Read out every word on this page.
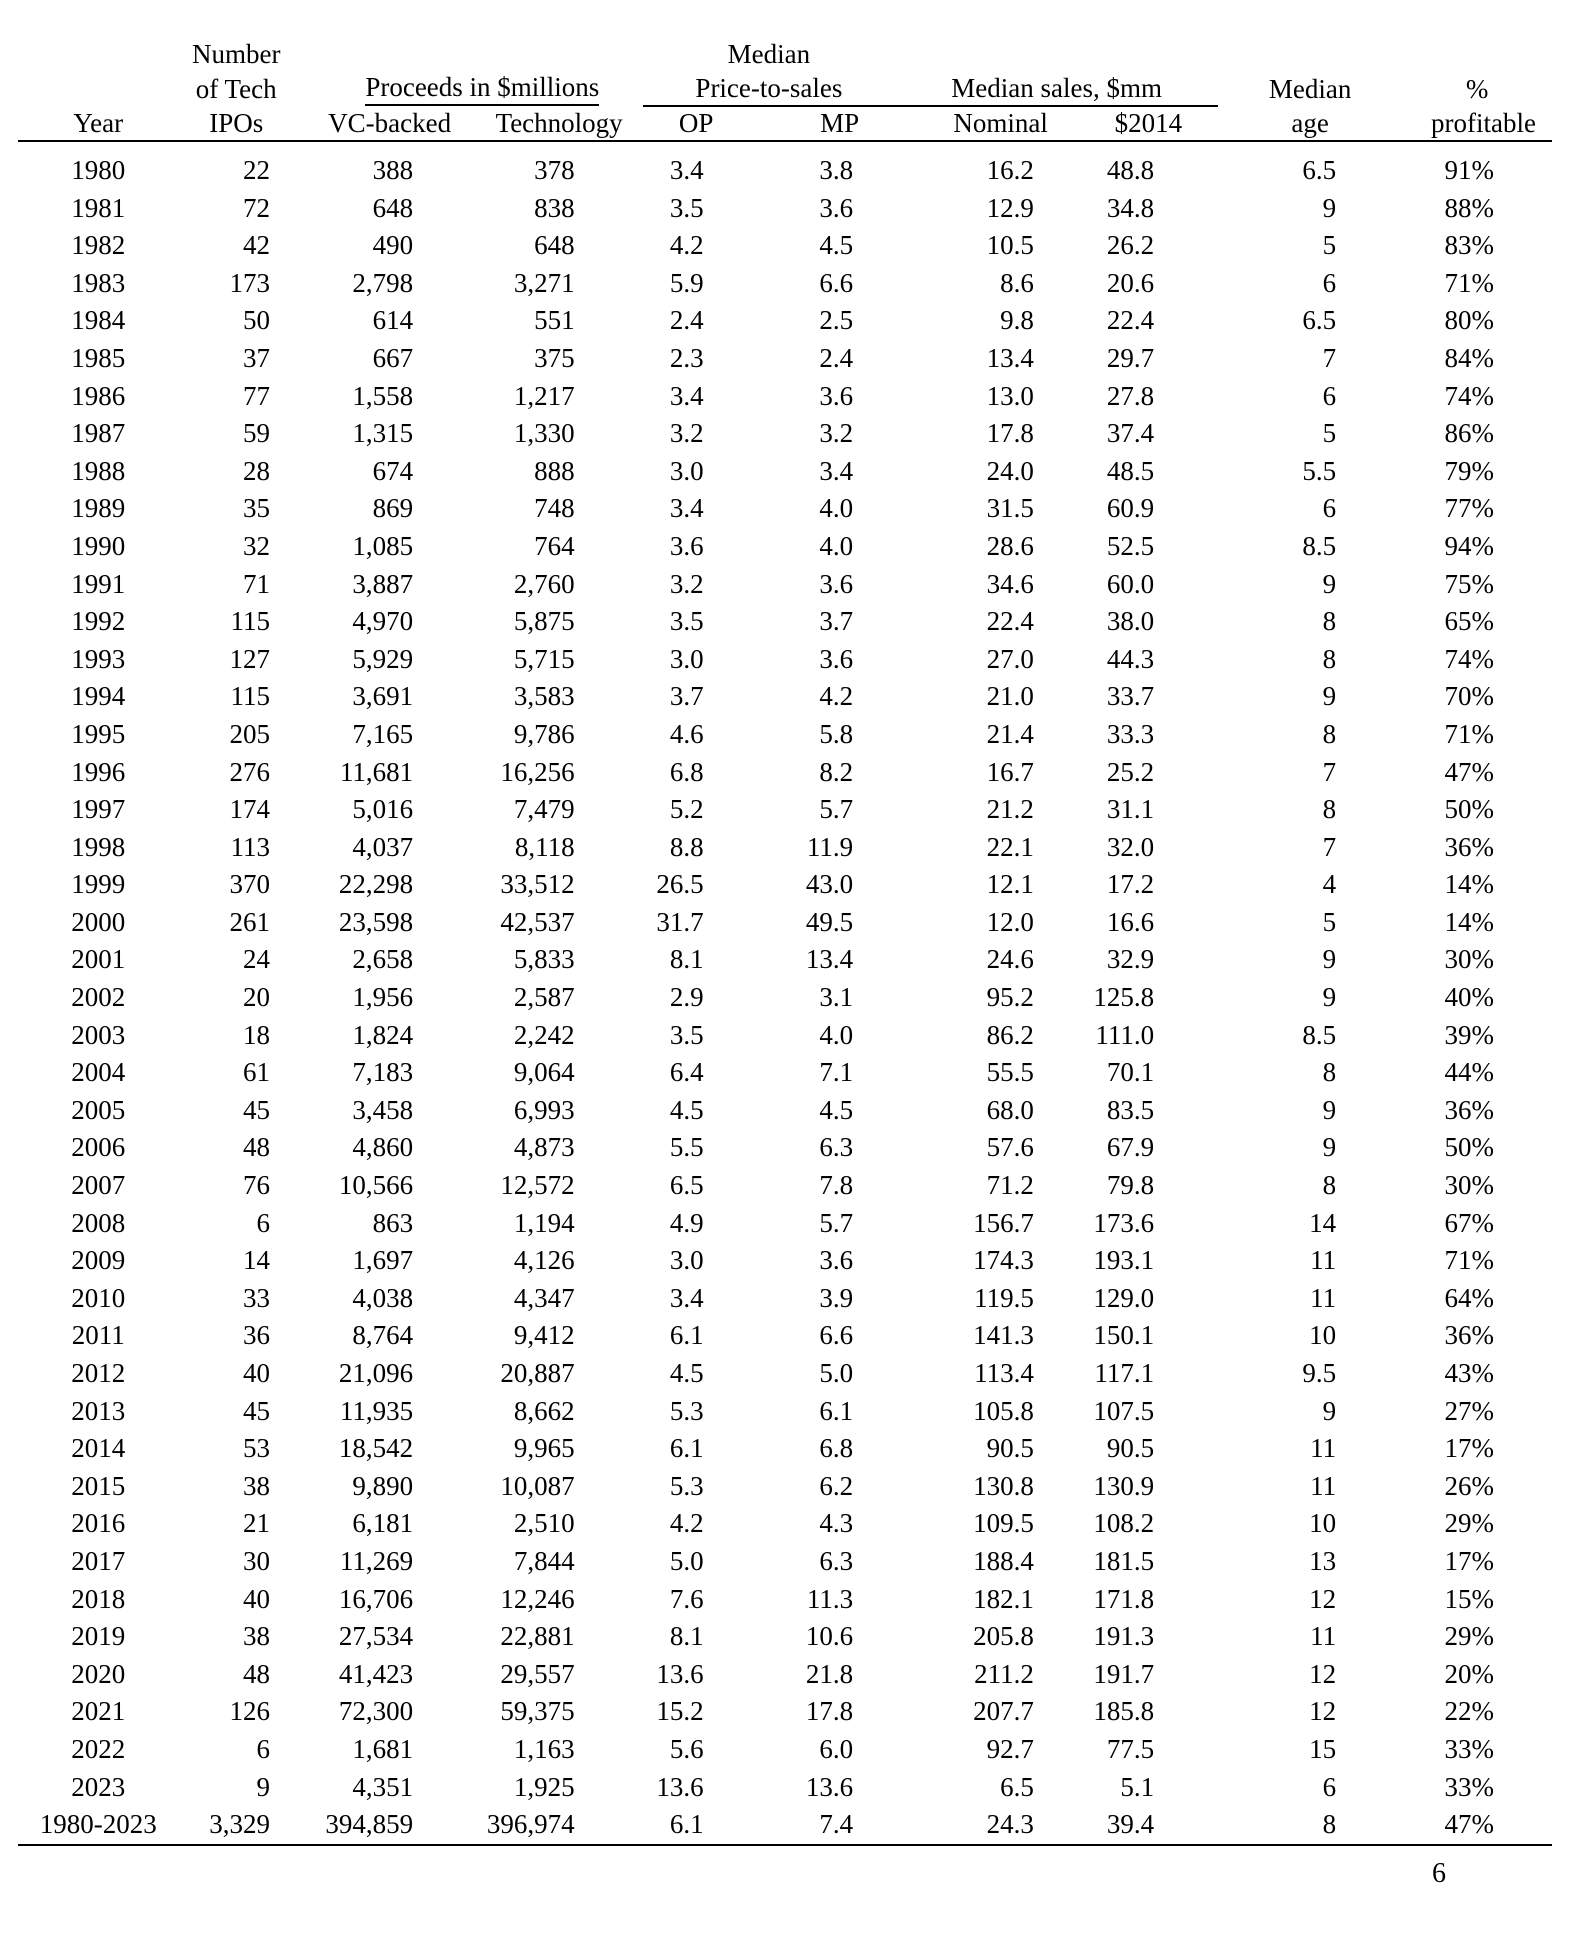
	Number			Median					
	of Tech	Proceeds in $millions		Price-to-sales		Median sales, $mm		Median	%
Year	IPOs	VC-backed	Technology	OP	MP	Nominal	$2014	age	profitable

1980	22	388	378	3.4	3.8	16.2	48.8	6.5	91%
1981	72	648	838	3.5	3.6	12.9	34.8	9	88%
1982	42	490	648	4.2	4.5	10.5	26.2	5	83%
1983	173	2,798	3,271	5.9	6.6	8.6	20.6	6	71%
1984	50	614	551	2.4	2.5	9.8	22.4	6.5	80%
1985	37	667	375	2.3	2.4	13.4	29.7	7	84%
1986	77	1,558	1,217	3.4	3.6	13.0	27.8	6	74%
1987	59	1,315	1,330	3.2	3.2	17.8	37.4	5	86%
1988	28	674	888	3.0	3.4	24.0	48.5	5.5	79%
1989	35	869	748	3.4	4.0	31.5	60.9	6	77%
1990	32	1,085	764	3.6	4.0	28.6	52.5	8.5	94%
1991	71	3,887	2,760	3.2	3.6	34.6	60.0	9	75%
1992	115	4,970	5,875	3.5	3.7	22.4	38.0	8	65%
1993	127	5,929	5,715	3.0	3.6	27.0	44.3	8	74%
1994	115	3,691	3,583	3.7	4.2	21.0	33.7	9	70%
1995	205	7,165	9,786	4.6	5.8	21.4	33.3	8	71%
1996	276	11,681	16,256	6.8	8.2	16.7	25.2	7	47%
1997	174	5,016	7,479	5.2	5.7	21.2	31.1	8	50%
1998	113	4,037	8,118	8.8	11.9	22.1	32.0	7	36%
1999	370	22,298	33,512	26.5	43.0	12.1	17.2	4	14%
2000	261	23,598	42,537	31.7	49.5	12.0	16.6	5	14%
2001	24	2,658	5,833	8.1	13.4	24.6	32.9	9	30%
2002	20	1,956	2,587	2.9	3.1	95.2	125.8	9	40%
2003	18	1,824	2,242	3.5	4.0	86.2	111.0	8.5	39%
2004	61	7,183	9,064	6.4	7.1	55.5	70.1	8	44%
2005	45	3,458	6,993	4.5	4.5	68.0	83.5	9	36%
2006	48	4,860	4,873	5.5	6.3	57.6	67.9	9	50%
2007	76	10,566	12,572	6.5	7.8	71.2	79.8	8	30%
2008	6	863	1,194	4.9	5.7	156.7	173.6	14	67%
2009	14	1,697	4,126	3.0	3.6	174.3	193.1	11	71%
2010	33	4,038	4,347	3.4	3.9	119.5	129.0	11	64%
2011	36	8,764	9,412	6.1	6.6	141.3	150.1	10	36%
2012	40	21,096	20,887	4.5	5.0	113.4	117.1	9.5	43%
2013	45	11,935	8,662	5.3	6.1	105.8	107.5	9	27%
2014	53	18,542	9,965	6.1	6.8	90.5	90.5	11	17%
2015	38	9,890	10,087	5.3	6.2	130.8	130.9	11	26%
2016	21	6,181	2,510	4.2	4.3	109.5	108.2	10	29%
2017	30	11,269	7,844	5.0	6.3	188.4	181.5	13	17%
2018	40	16,706	12,246	7.6	11.3	182.1	171.8	12	15%
2019	38	27,534	22,881	8.1	10.6	205.8	191.3	11	29%
2020	48	41,423	29,557	13.6	21.8	211.2	191.7	12	20%
2021	126	72,300	59,375	15.2	17.8	207.7	185.8	12	22%
2022	6	1,681	1,163	5.6	6.0	92.7	77.5	15	33%
2023	9	4,351	1,925	13.6	13.6	6.5	5.1	6	33%
1980-2023	3,329	394,859	396,974	6.1	7.4	24.3	39.4	8	47%
6
